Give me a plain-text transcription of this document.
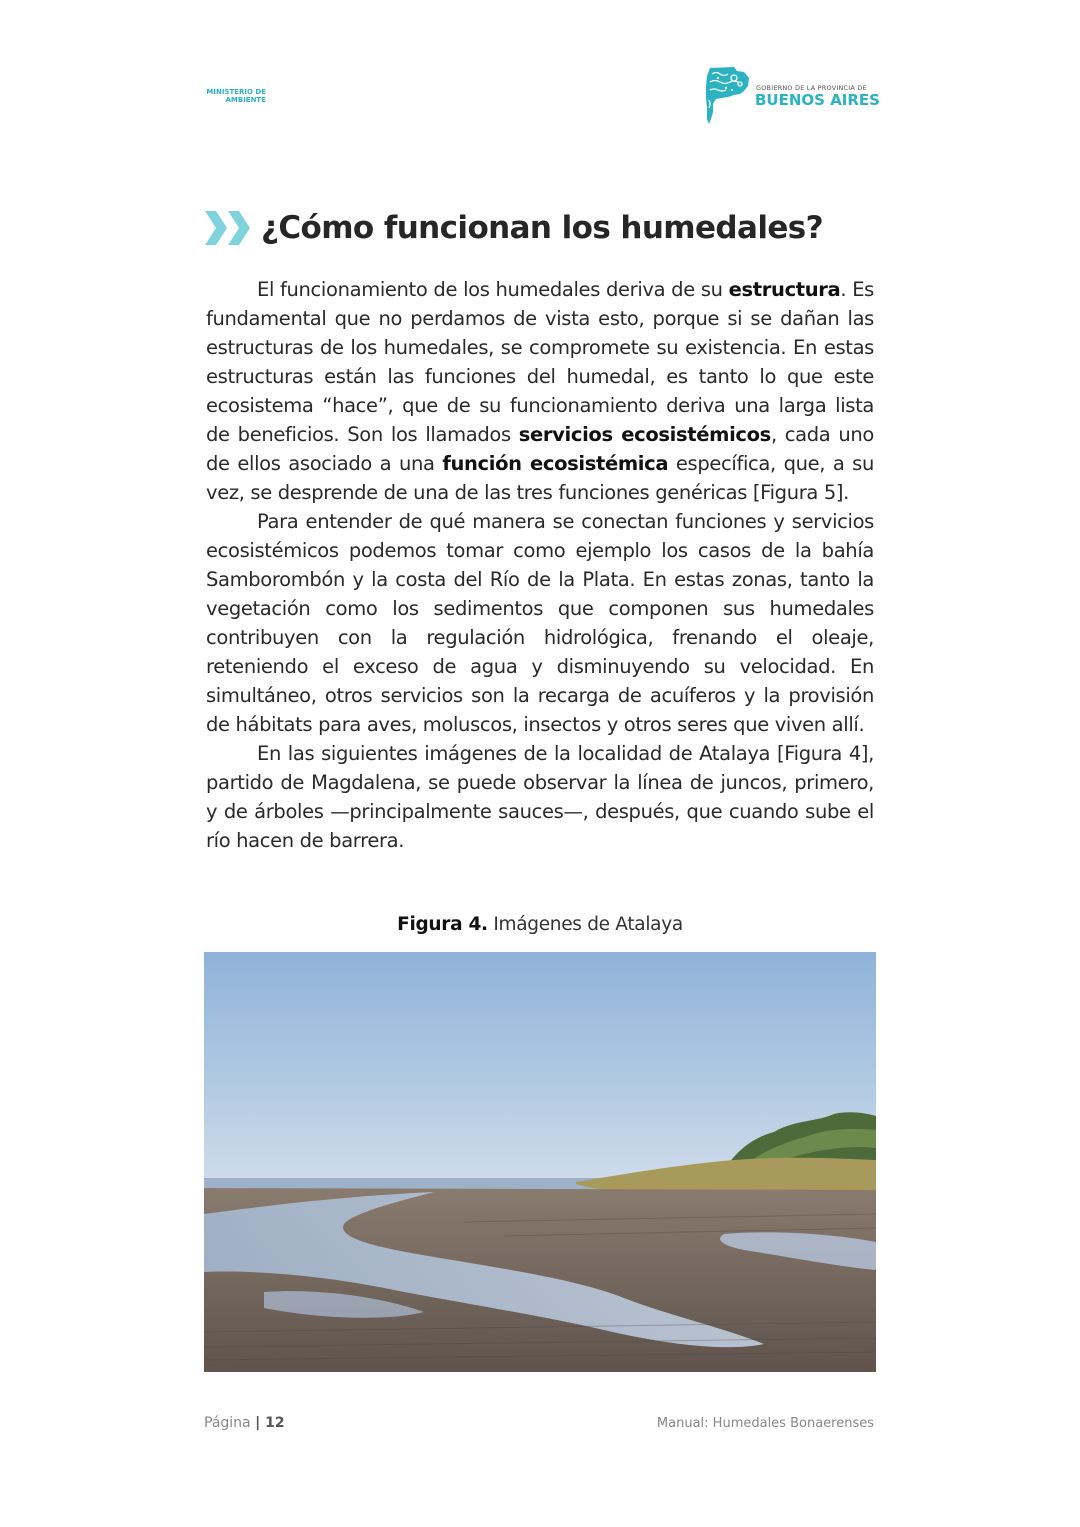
MINISTERIO DE
AMBIENTE
GOBIERNO DE LA PROVINCIA DE
BUENOS AIRES
¿Cómo funcionan los humedales?

El funcionamiento de los humedales deriva de su estructura. Es fundamental que no perdamos de vista esto, porque si se dañan las estructuras de los humedales, se compromete su existencia. En estas estructuras están las funciones del humedal, es tanto lo que este ecosistema “hace”, que de su funcionamiento deriva una larga lista de beneficios. Son los llamados servicios ecosistémicos, cada uno de ellos asociado a una función ecosistémica específica, que, a su vez, se desprende de una de las tres funciones genéricas [Figura 5].

Para entender de qué manera se conectan funciones y servicios ecosistémicos podemos tomar como ejemplo los casos de la bahía Samborombón y la costa del Río de la Plata. En estas zonas, tanto la vegetación como los sedimentos que componen sus humedales contribuyen con la regulación hidrológica, frenando el oleaje, reteniendo el exceso de agua y disminuyendo su velocidad. En simultáneo, otros servicios son la recarga de acuíferos y la provisión de hábitats para aves, moluscos, insectos y otros seres que viven allí.

En las siguientes imágenes de la localidad de Atalaya [Figura 4], partido de Magdalena, se puede observar la línea de juncos, primero, y de árboles —principalmente sauces—, después, que cuando sube el río hacen de barrera.

Figura 4. Imágenes de Atalaya
Página | 12	Manual: Humedales Bonaerenses
